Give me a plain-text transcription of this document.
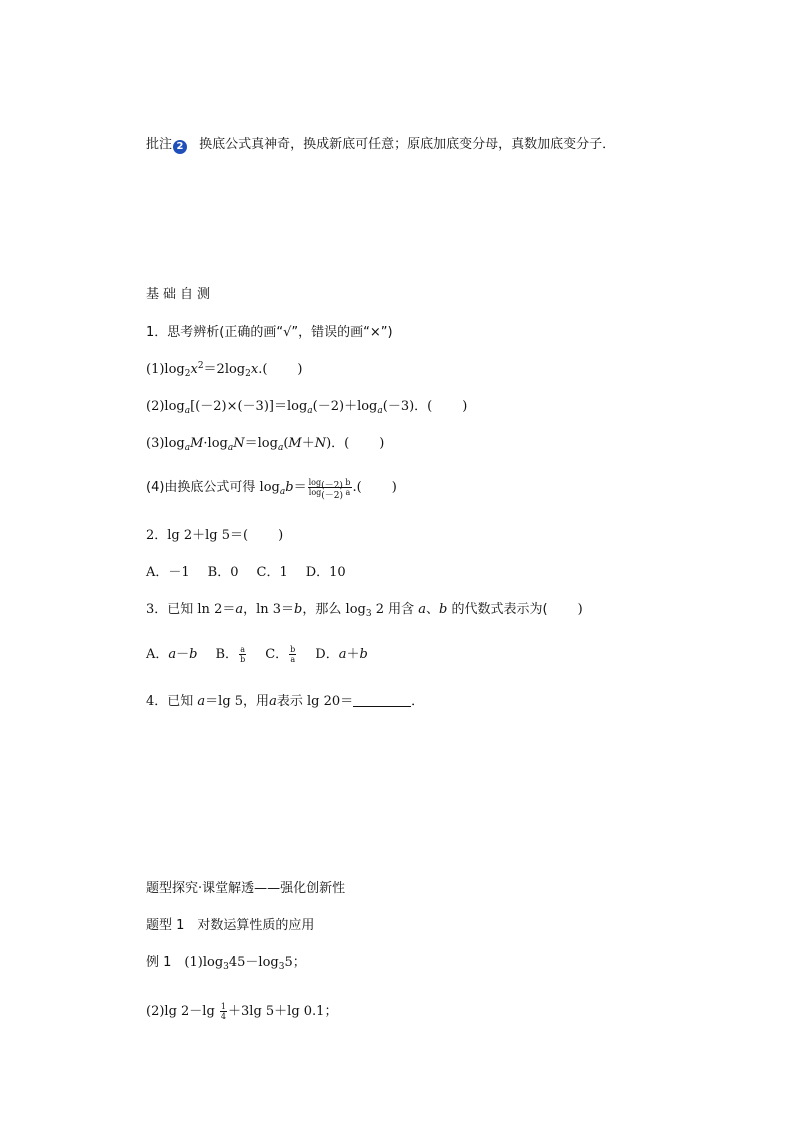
批注 2 换底公式真神奇，换成新底可任意；原底加底变分母，真数加底变分子．
基础自测
1．思考辨析(正确的画“√”，错误的画“×”)
$(1)\log_2x^2=2\log_2x$.( )
$(2)\log_a[(-2)\times(-3)]=\log_a(-2)+\log_a(-3)$．( )
$(3)\log_aM\cdot\log_aN=\log_a(M+N)$．( )
(4)由换底公式可得 $\log_ab= \frac{\log_{(-2)} b}{\log_{(-2)} a}$ .( )
2．lg 2＋lg 5＝( )
A．－1 B．0 C．1 D．10
3．已知 ln 2＝a，ln 3＝b，那么 $\log_3 2$ 用含 a、b 的代数式表示为( )
A．a－b B． $\frac{a}{b}$ C． $\frac{b}{a}$ D．a＋b
4．已知 a＝lg 5，用a表示 lg 20＝	．
题型探究·课堂解透——强化创新性
题型 1　对数运算性质的应用
例 1　 $(1)\log_345-\log_35$；
(2)lg $2-\lg \frac{1}{4} +3\lg$ 5＋lg 0.1；
